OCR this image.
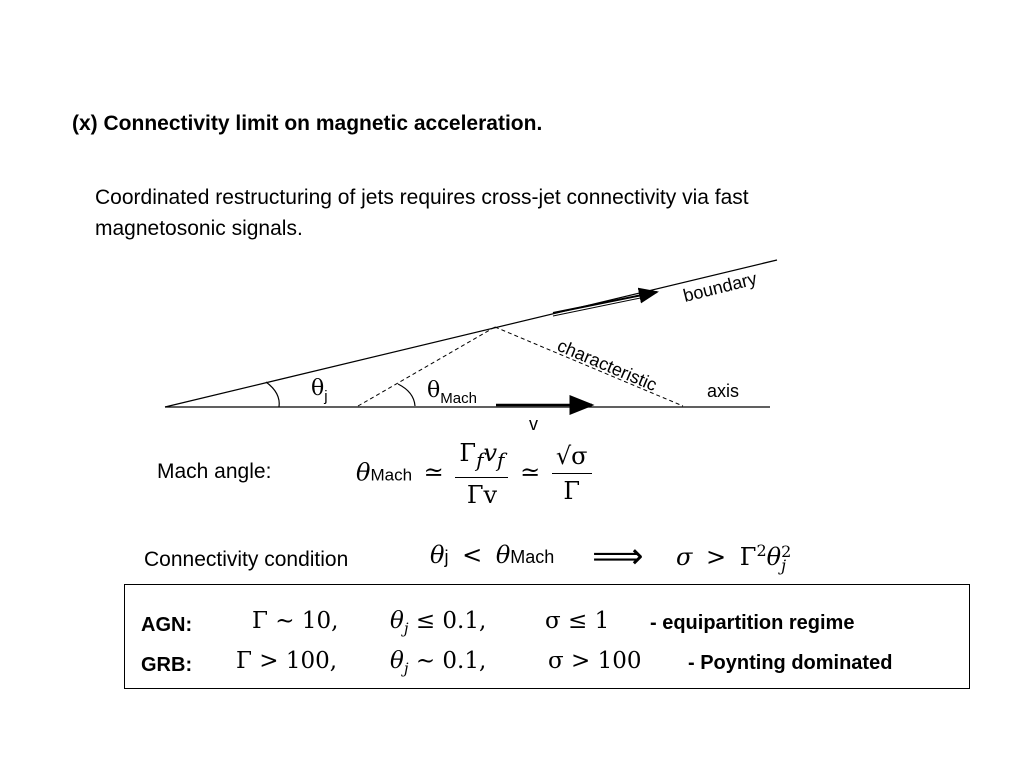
(x) Connectivity limit on magnetic acceleration.
Coordinated restructuring of jets requires cross-jet connectivity via fast magnetosonic signals.
boundary
characteristic	axis
v
$\theta_j$	$\theta_{Mach}$
Mach angle:	θMach ≃ $\frac{\Gamma_fv_f}{\Gamma v}$ ≃ $\frac{√\sigma}{\Gamma}$
Connectivity condition	θj < θMach ⟹ $\sigma > \Gamma^2\theta$ 2
j
AGN:	Γ ∼ 10, $\theta_j \le 0.1$,	σ ≤ 1 - equipartition regime
GRB: Γ > 100, $\theta_j$ ∼ 0.1,	σ > 100 - Poynting dominated
